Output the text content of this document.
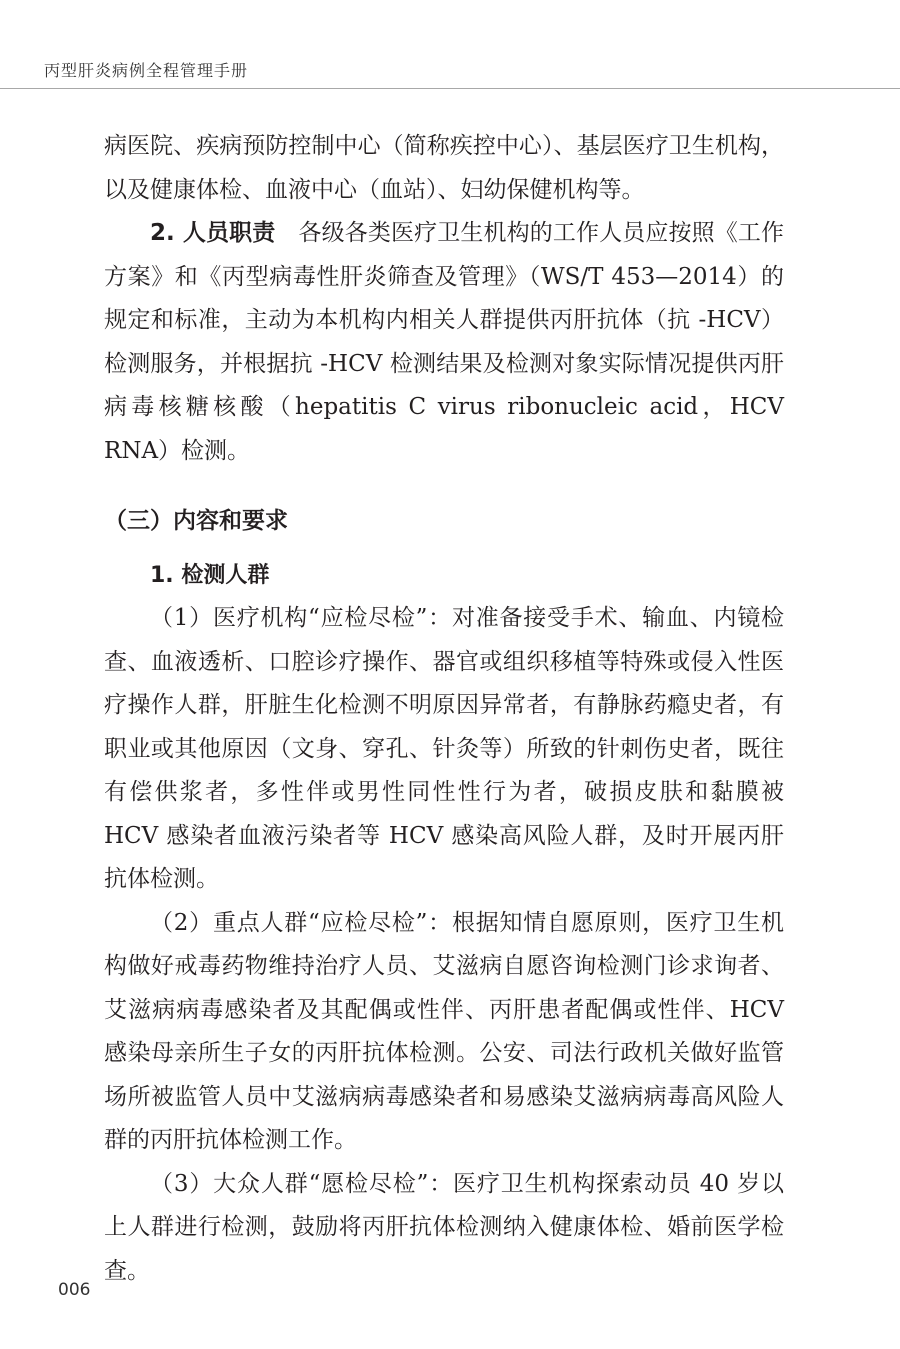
丙型肝炎病例全程管理手册

病医院、疾病预防控制中心（简称疾控中心）、基层医疗卫生机构，以及健康体检、血液中心（血站）、妇幼保健机构等。

2. 人员职责　各级各类医疗卫生机构的工作人员应按照《工作方案》和《丙型病毒性肝炎筛查及管理》（WS/T 453—2014）的规定和标准，主动为本机构内相关人群提供丙肝抗体（抗 -HCV）检测服务，并根据抗 -HCV 检测结果及检测对象实际情况提供丙肝病毒核糖核酸（hepatitis C virus ribonucleic acid，HCV RNA）检测。

（三）内容和要求

1. 检测人群

（1）医疗机构“应检尽检”：对准备接受手术、输血、内镜检查、血液透析、口腔诊疗操作、器官或组织移植等特殊或侵入性医疗操作人群，肝脏生化检测不明原因异常者，有静脉药瘾史者，有职业或其他原因（文身、穿孔、针灸等）所致的针刺伤史者，既往有偿供浆者，多性伴或男性同性性行为者，破损皮肤和黏膜被 HCV 感染者血液污染者等 HCV 感染高风险人群，及时开展丙肝抗体检测。

（2）重点人群“应检尽检”：根据知情自愿原则，医疗卫生机构做好戒毒药物维持治疗人员、艾滋病自愿咨询检测门诊求询者、艾滋病病毒感染者及其配偶或性伴、丙肝患者配偶或性伴、HCV 感染母亲所生子女的丙肝抗体检测。公安、司法行政机关做好监管场所被监管人员中艾滋病病毒感染者和易感染艾滋病病毒高风险人群的丙肝抗体检测工作。

（3）大众人群“愿检尽检”：医疗卫生机构探索动员 40 岁以上人群进行检测，鼓励将丙肝抗体检测纳入健康体检、婚前医学检查。

006
